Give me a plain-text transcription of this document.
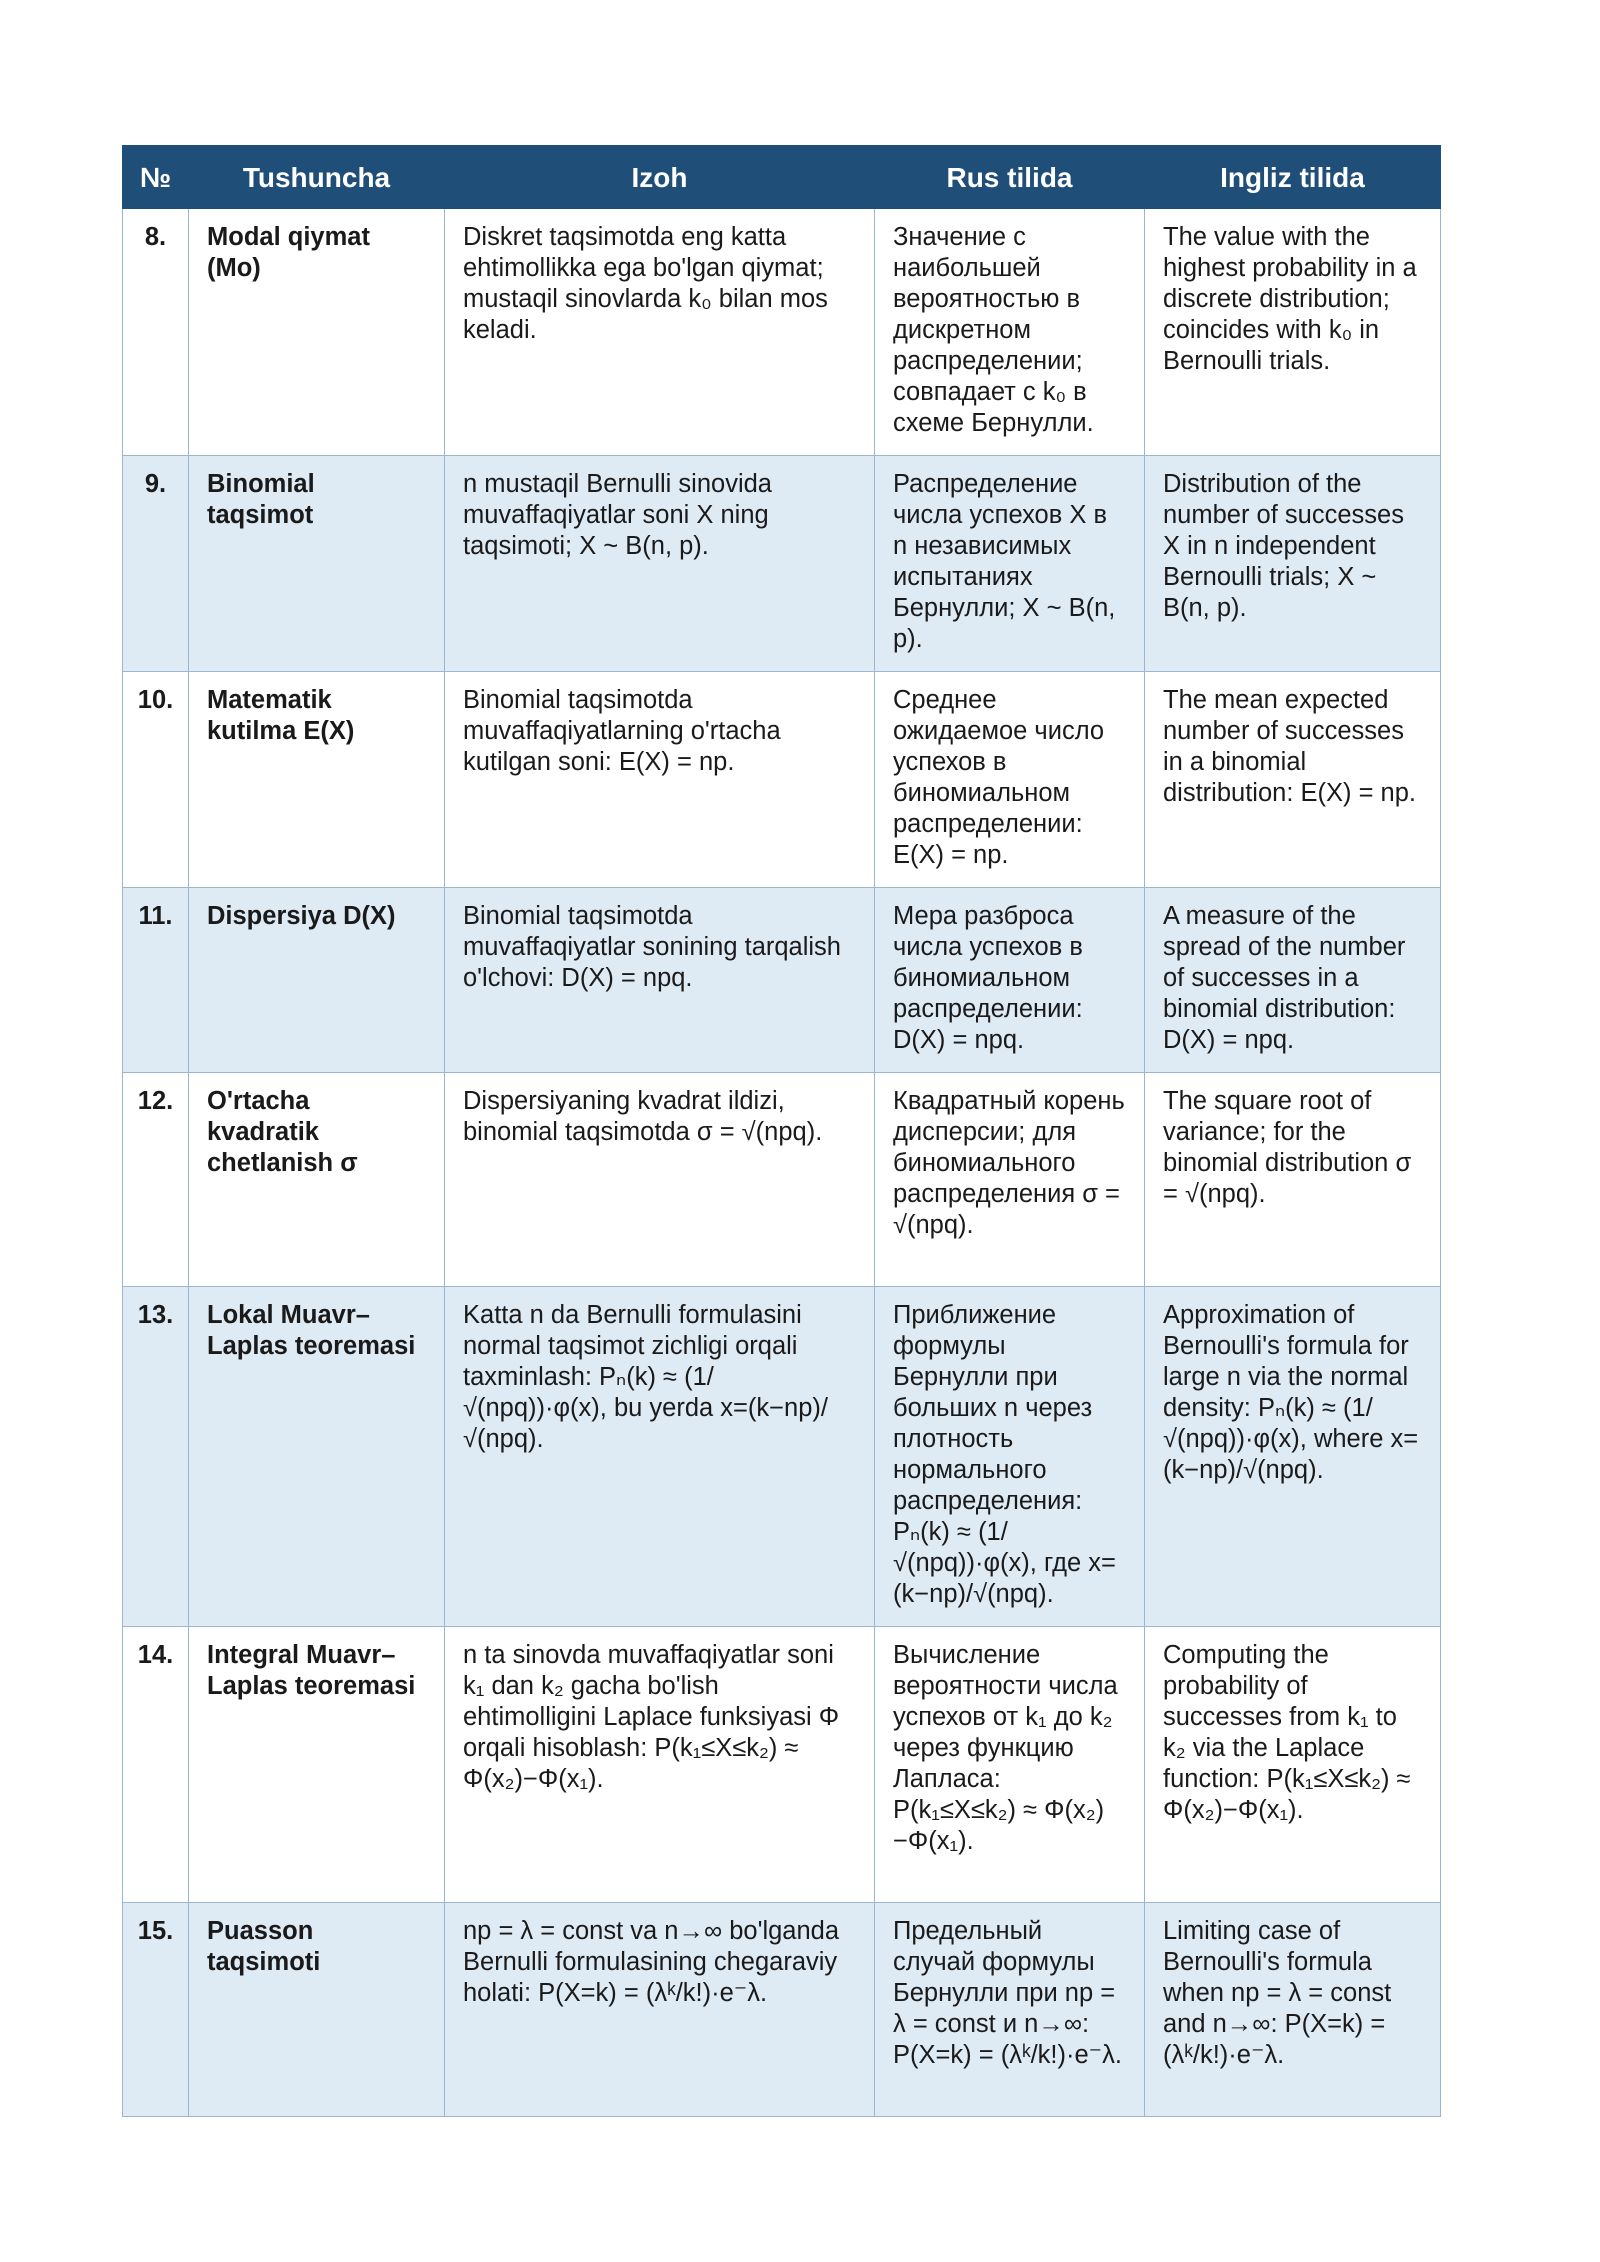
№	Tushuncha	Izoh	Rus tilida	Ingliz tilida
8.	Modal qiymat (Mo)	Diskret taqsimotda eng katta ehtimollikka ega bo'lgan qiymat; mustaqil sinovlarda k₀ bilan mos keladi.	Значение с наибольшей вероятностью в дискретном распределении; совпадает с k₀ в схеме Бернулли.	The value with the highest probability in a discrete distribution; coincides with k₀ in Bernoulli trials.
9.	Binomial taqsimot	n mustaqil Bernulli sinovida muvaffaqiyatlar soni X ning taqsimoti; X ~ B(n, p).	Распределение числа успехов X в n независимых испытаниях Бернулли; X ~ B(n, p).	Distribution of the number of successes X in n independent Bernoulli trials; X ~ B(n, p).
10.	Matematik kutilma E(X)	Binomial taqsimotda muvaffaqiyatlarning o'rtacha kutilgan soni: E(X) = np.	Среднее ожидаемое число успехов в биномиальном распределении: E(X) = np.	The mean expected number of successes in a binomial distribution: E(X) = np.
11.	Dispersiya D(X)	Binomial taqsimotda muvaffaqiyatlar sonining tarqalish o'lchovi: D(X) = npq.	Мера разброса числа успехов в биномиальном распределении: D(X) = npq.	A measure of the spread of the number of successes in a binomial distribution: D(X) = npq.
12.	O'rtacha kvadratik chetlanish σ	Dispersiyaning kvadrat ildizi, binomial taqsimotda σ = √(npq).	Квадратный корень дисперсии; для биномиального распределения σ = √(npq).	The square root of variance; for the binomial distribution σ = √(npq).
13.	Lokal Muavr–Laplas teoremasi	Katta n da Bernulli formulasini normal taqsimot zichligi orqali taxminlash: Pₙ(k) ≈ (1/√(npq))·φ(x), bu yerda x=(k−np)/√(npq).	Приближение формулы Бернулли при больших n через плотность нормального распределения: Pₙ(k) ≈ (1/√(npq))·φ(x), где x=(k−np)/√(npq).	Approximation of Bernoulli's formula for large n via the normal density: Pₙ(k) ≈ (1/√(npq))·φ(x), where x=(k−np)/√(npq).
14.	Integral Muavr–Laplas teoremasi	n ta sinovda muvaffaqiyatlar soni k₁ dan k₂ gacha bo'lish ehtimolligini Laplace funksiyasi Φ orqali hisoblash: P(k₁≤X≤k₂) ≈ Φ(x₂)−Φ(x₁).	Вычисление вероятности числа успехов от k₁ до k₂ через функцию Лапласа: P(k₁≤X≤k₂) ≈ Φ(x₂)−Φ(x₁).	Computing the probability of successes from k₁ to k₂ via the Laplace function: P(k₁≤X≤k₂) ≈ Φ(x₂)−Φ(x₁).
15.	Puasson taqsimoti	np = λ = const va n→∞ bo'lganda Bernulli formulasining chegaraviy holati: P(X=k) = (λᵏ/k!)·e⁻λ.	Предельный случай формулы Бернулли при np = λ = const и n→∞: P(X=k) = (λᵏ/k!)·e⁻λ.	Limiting case of Bernoulli's formula when np = λ = const and n→∞: P(X=k) = (λᵏ/k!)·e⁻λ.
